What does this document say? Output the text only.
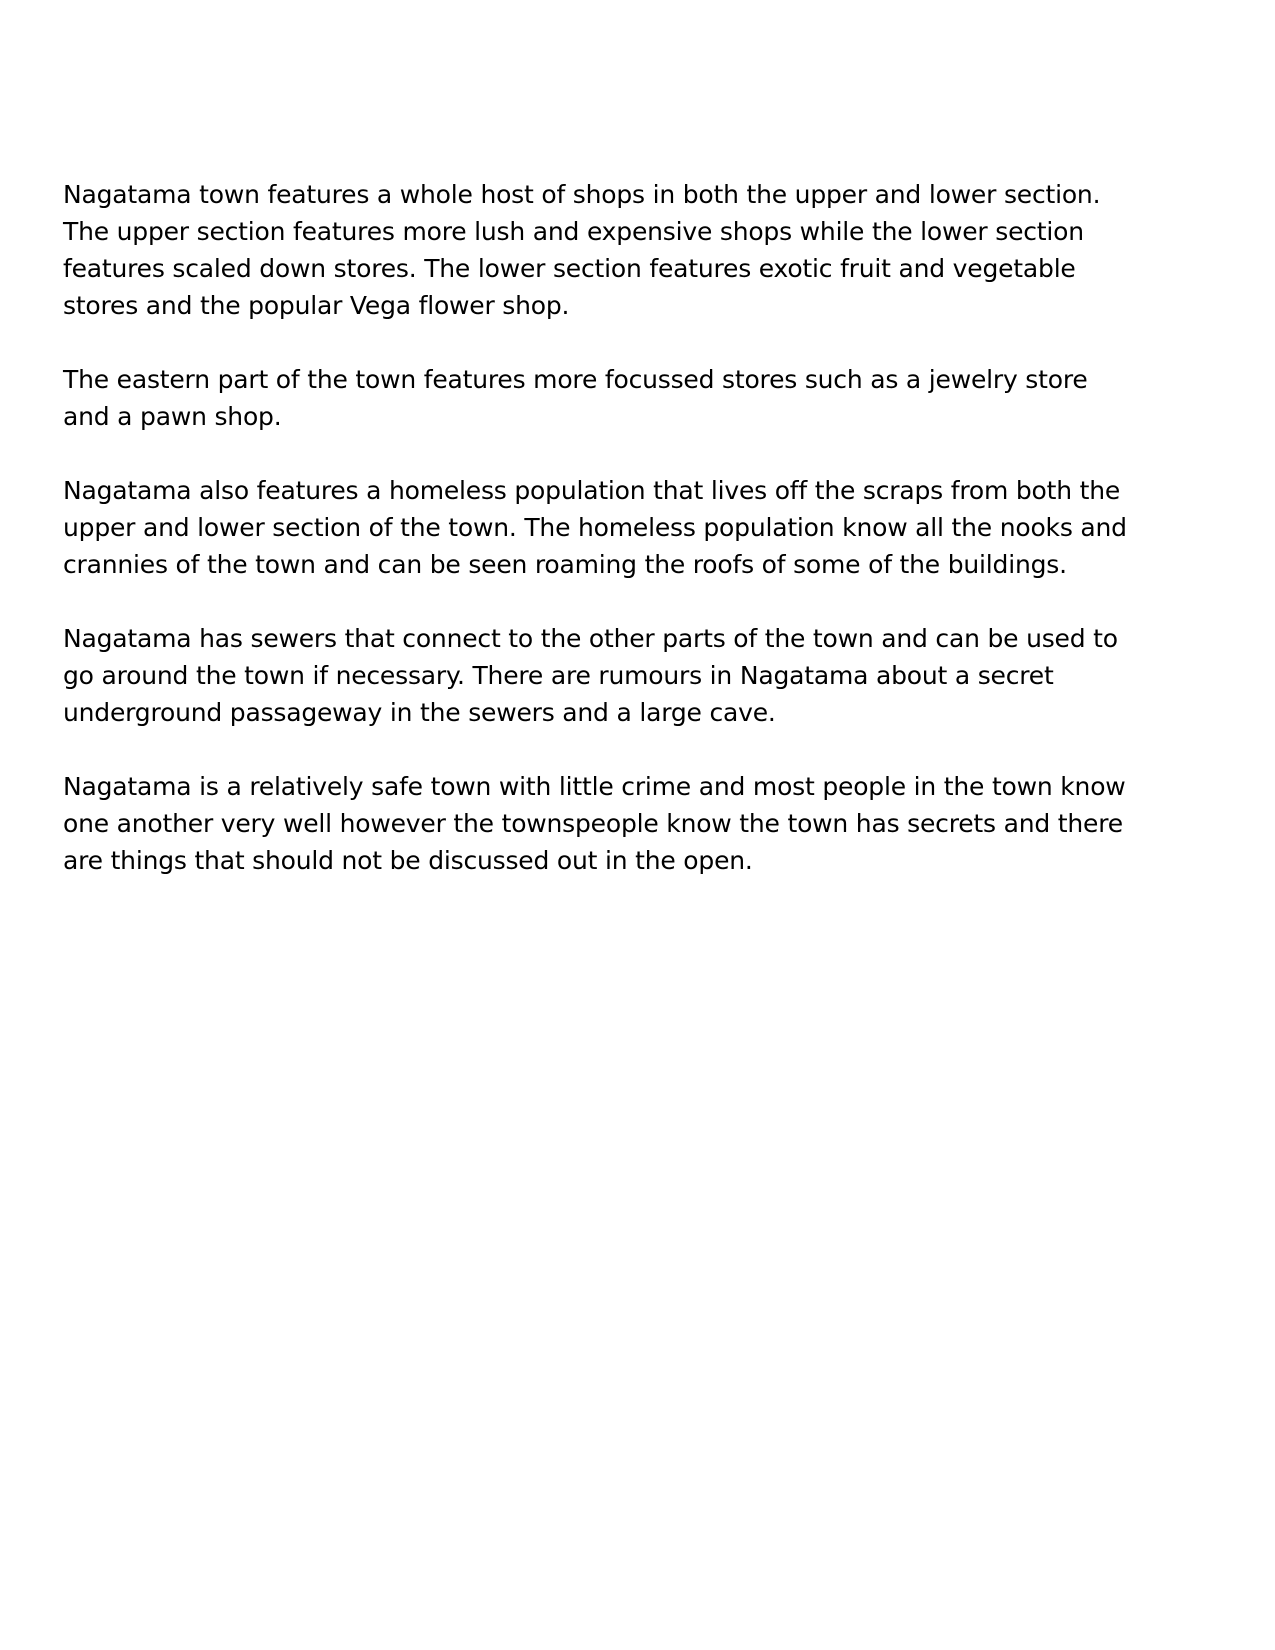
Nagatama town features a whole host of shops in both the upper and lower section.
The upper section features more lush and expensive shops while the lower section
features scaled down stores. The lower section features exotic fruit and vegetable
stores and the popular Vega flower shop.

The eastern part of the town features more focussed stores such as a jewelry store
and a pawn shop.

Nagatama also features a homeless population that lives off the scraps from both the
upper and lower section of the town. The homeless population know all the nooks and
crannies of the town and can be seen roaming the roofs of some of the buildings.

Nagatama has sewers that connect to the other parts of the town and can be used to
go around the town if necessary. There are rumours in Nagatama about a secret
underground passageway in the sewers and a large cave.

Nagatama is a relatively safe town with little crime and most people in the town know
one another very well however the townspeople know the town has secrets and there
are things that should not be discussed out in the open.
